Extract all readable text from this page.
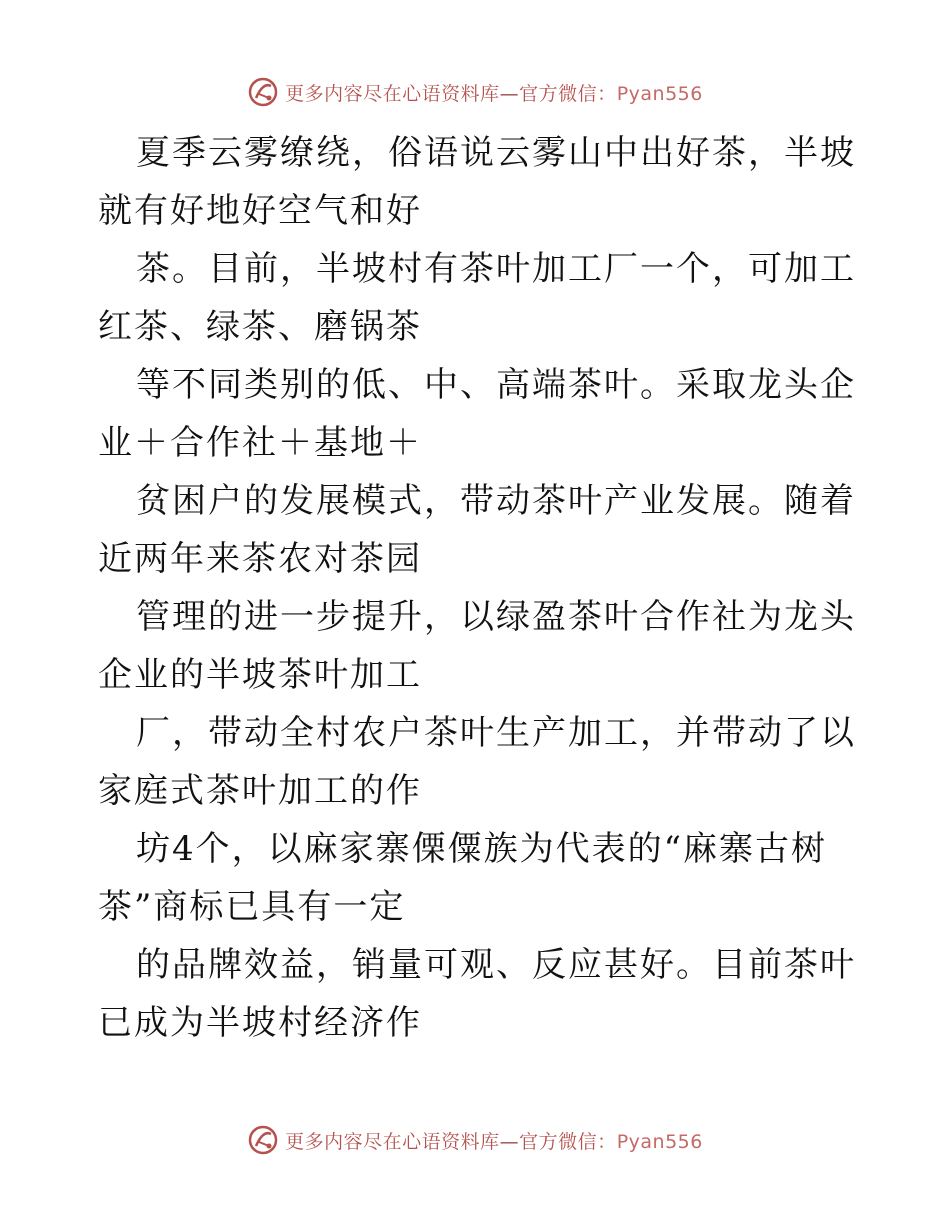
更多内容尽在心语资料库—官方微信：Pyan556

夏季云雾缭绕，俗语说云雾山中出好茶，半坡就有好地好空气和好

茶。目前，半坡村有茶叶加工厂一个，可加工红茶、绿茶、磨锅茶

等不同类别的低、中、高端茶叶。采取龙头企业＋合作社＋基地＋

贫困户的发展模式，带动茶叶产业发展。随着近两年来茶农对茶园

管理的进一步提升，以绿盈茶叶合作社为龙头企业的半坡茶叶加工

厂，带动全村农户茶叶生产加工，并带动了以家庭式茶叶加工的作

坊4个，以麻家寨傈僳族为代表的“麻寨古树茶”商标已具有一定

的品牌效益，销量可观、反应甚好。目前茶叶已成为半坡村经济作

更多内容尽在心语资料库—官方微信：Pyan556
